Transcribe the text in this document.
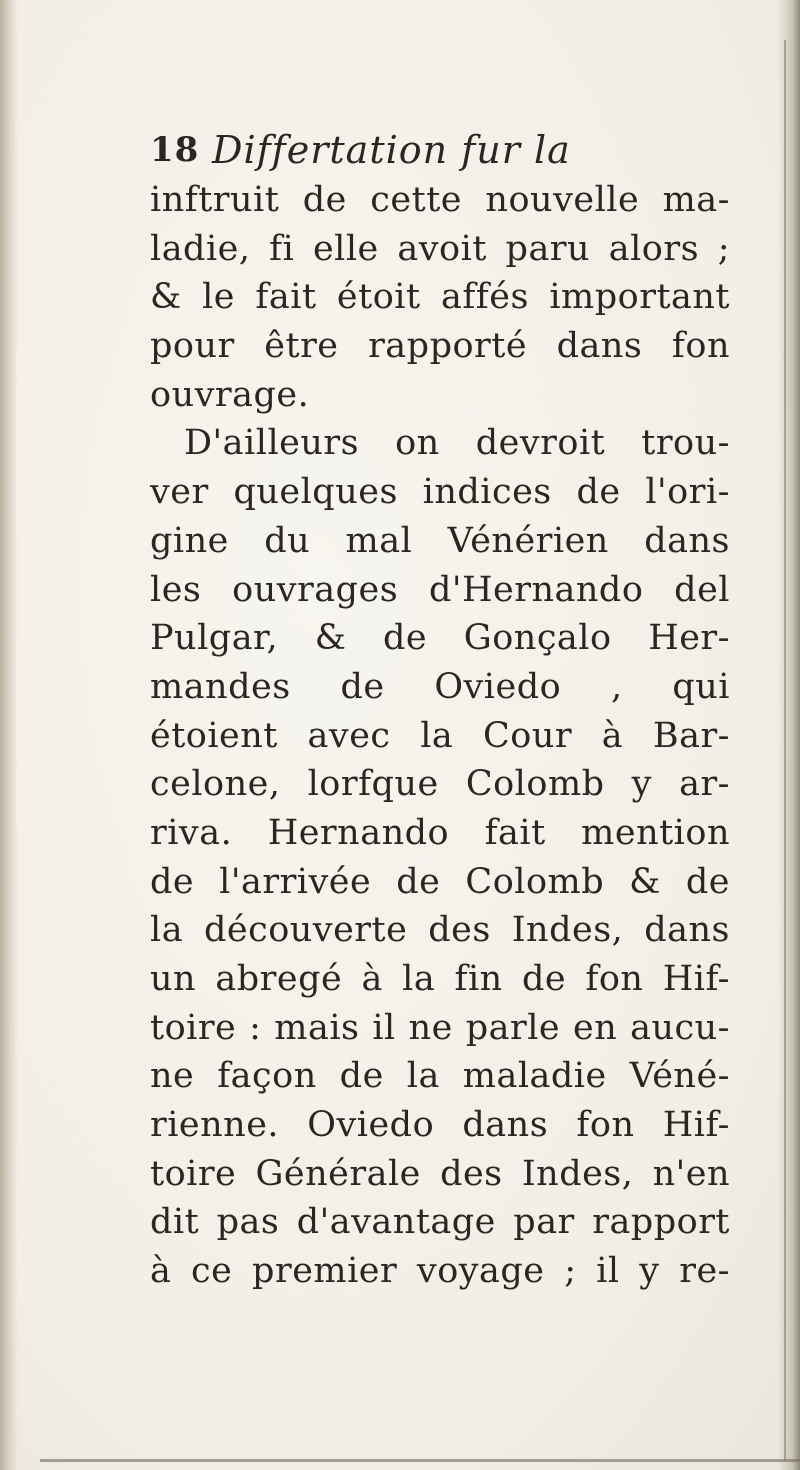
18 Differtation fur la
inftruit de cette nouvelle ma-
ladie, fi elle avoit paru alors ;
& le fait étoit affés important
pour être rapporté dans fon
ouvrage.
D'ailleurs on devroit trou-
ver quelques indices de l'ori-
gine du mal Vénérien dans
les ouvrages d'Hernando del
Pulgar, & de Gonçalo Her-
mandes de Oviedo , qui
étoient avec la Cour à Bar-
celone, lorfque Colomb y ar-
riva. Hernando fait mention
de l'arrivée de Colomb & de
la découverte des Indes, dans
un abregé à la fin de fon Hif-
toire : mais il ne parle en aucu-
ne façon de la maladie Véné-
rienne. Oviedo dans fon Hif-
toire Générale des Indes, n'en
dit pas d'avantage par rapport
à ce premier voyage ; il y re-
